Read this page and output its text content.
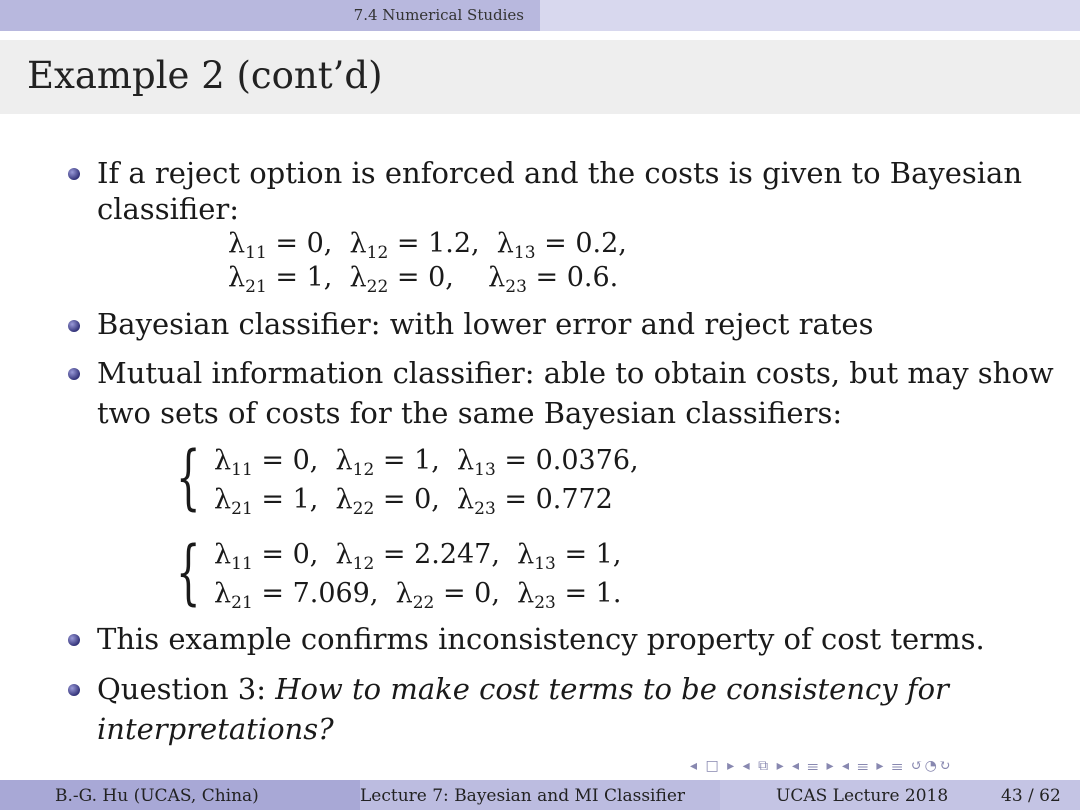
7.4 Numerical Studies
Example 2 (cont’d)
If a reject option is enforced and the costs is given to Bayesian
classifier:
$\lambda_{11} = 0$,  $\lambda_{12} = 1.2$,  $\lambda_{13} = 0.2$,
$\lambda_{21} = 1$,  $\lambda_{22} = 0$,    $\lambda_{23} = 0.6$.
Bayesian classifier: with lower error and reject rates
Mutual information classifier: able to obtain costs, but may show
two sets of costs for the same Bayesian classifiers:
{ $\lambda_{11} = 0$,  $\lambda_{12} = 1$,  $\lambda_{13} = 0.0376$,
$\lambda_{21} = 1$,  $\lambda_{22} = 0$,  $\lambda_{23} = 0.772$
{ $\lambda_{11} = 0$,  $\lambda_{12} = 2.247$,  $\lambda_{13} = 1$,
$\lambda_{21} = 7.069$,  $\lambda_{22} = 0$,  $\lambda_{23} = 1$.
This example confirms inconsistency property of cost terms.
Question 3: How to make cost terms to be consistency for
interpretations?
◂ □ ▸ ◂ ⧉ ▸ ◂ ☰ ▸ ◂ ☰ ▸ ☰ ↺◔↻
B.-G. Hu (UCAS, China)	Lecture 7: Bayesian and MI Classifier	UCAS Lecture 2018	43 / 62
